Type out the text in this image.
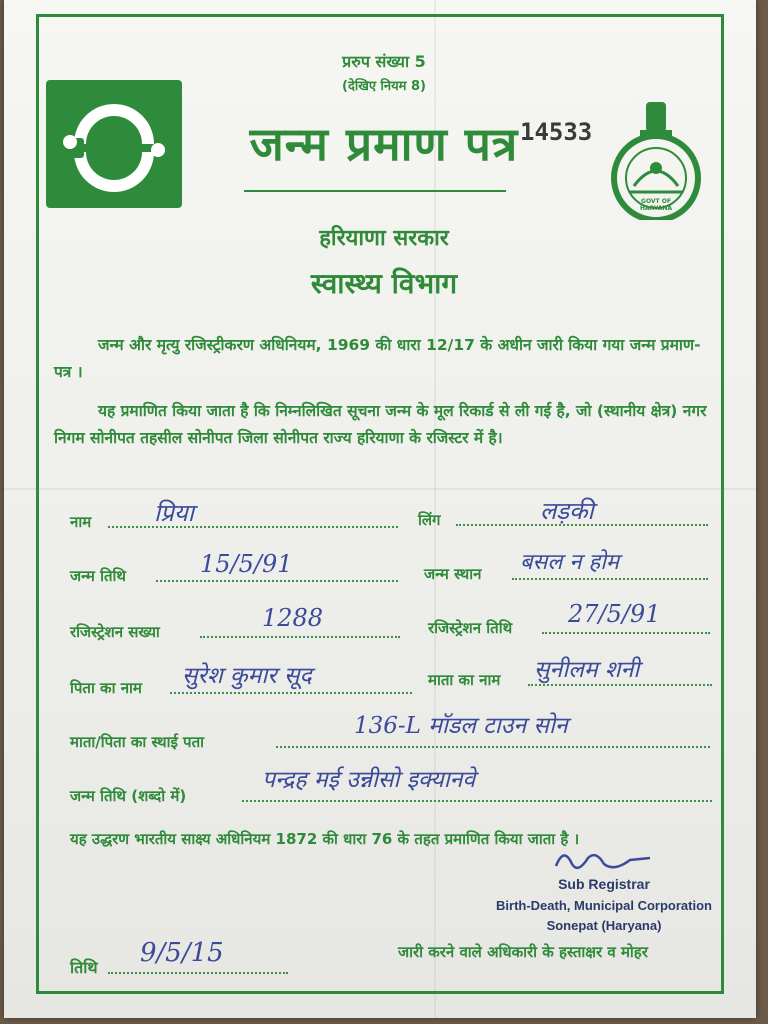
प्ररुप संख्या 5
(देखिए नियम 8)
जन्म प्रमाण पत्र 14533
GOVT OF HARYANA
हरियाणा सरकार
स्वास्थ्य विभाग
जन्म और मृत्यु रजिस्ट्रीकरण अधिनियम, 1969 की धारा 12/17 के अधीन जारी किया गया जन्म प्रमाण-पत्र ।
यह प्रमाणित किया जाता है कि निम्नलिखित सूचना जन्म के मूल रिकार्ड से ली गई है, जो (स्थानीय क्षेत्र) नगर निगम सोनीपत तहसील सोनीपत जिला सोनीपत राज्य हरियाणा के रजिस्टर में है।
नाम	प्रिया	लिंग	लड़की
जन्म तिथि	15/5/91	जन्म स्थान बसल न होम
रजिस्ट्रेशन सख्या	1288	रजिस्ट्रेशन तिथि 27/5/91
पिता का नाम सुरेश कुमार सूद	माता का नाम सुनीलम शनी
माता/पिता का स्थाई पता
136-L मॉडल टाउन सोन
जन्म तिथि (शब्दो में)
पन्द्रह मई उन्नीसो इक्यानवे
यह उद्धरण भारतीय साक्ष्य अधिनियम 1872 की धारा 76 के तहत प्रमाणित किया जाता है ।
Sub Registrar
Birth-Death, Municipal Corporation
Sonepat (Haryana)
तिथि 9/5/15	जारी करने वाले अधिकारी के हस्ताक्षर व मोहर
